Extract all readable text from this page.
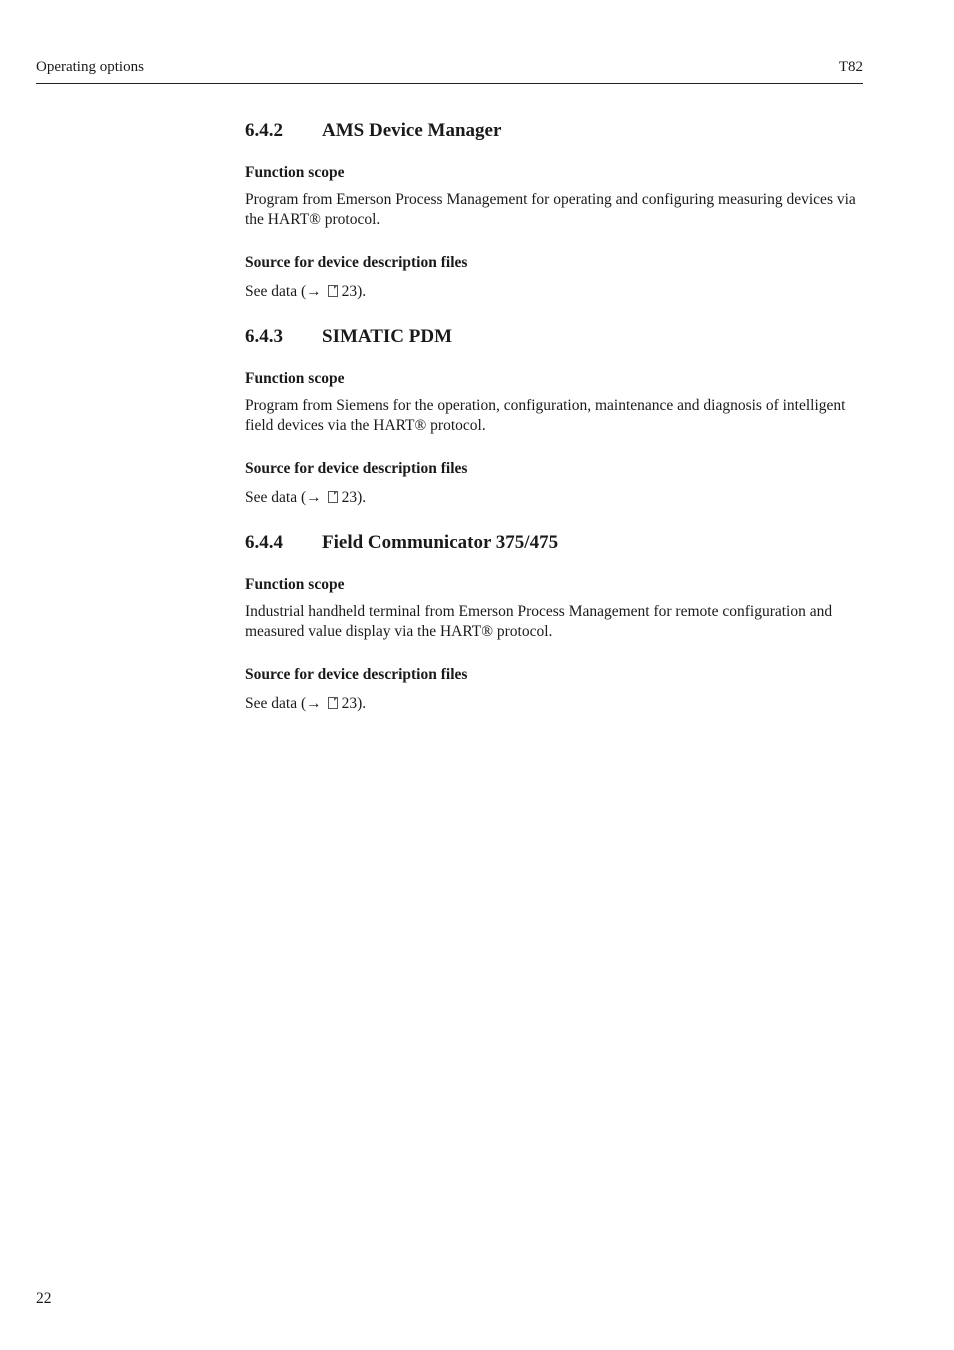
Operating options	T82
6.4.2	AMS Device Manager

Function scope

Program from Emerson Process Management for operating and configuring measuring devices via the HART® protocol.

Source for device description files

See data (→ 23).

6.4.3	SIMATIC PDM

Function scope

Program from Siemens for the operation, configuration, maintenance and diagnosis of intelligent field devices via the HART® protocol.

Source for device description files

See data (→ 23).

6.4.4	Field Communicator 375/475

Function scope

Industrial handheld terminal from Emerson Process Management for remote configuration and measured value display via the HART® protocol.

Source for device description files

See data (→ 23).

22
